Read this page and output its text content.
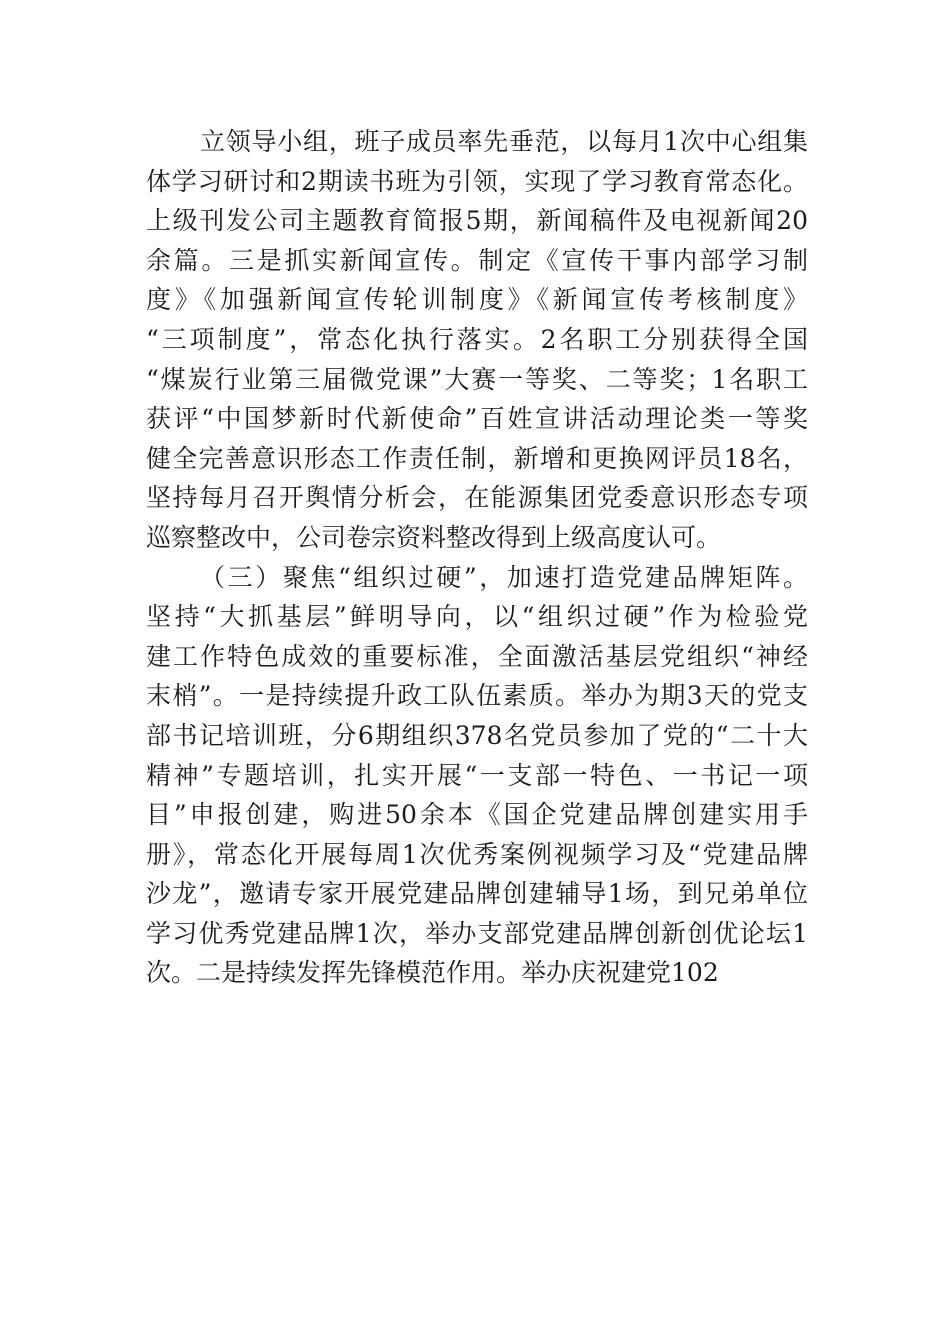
立领导小组，班子成员率先垂范，以每月1次中心组集
体学习研讨和2期读书班为引领，实现了学习教育常态化。
上级刊发公司主题教育简报5期，新闻稿件及电视新闻20
余篇。三是抓实新闻宣传。制定《宣传干事内部学习制
度》《加强新闻宣传轮训制度》《新闻宣传考核制度》
“三项制度”，常态化执行落实。2名职工分别获得全国
“煤炭行业第三届微党课”大赛一等奖、二等奖；1名职工
获评“中国梦新时代新使命”百姓宣讲活动理论类一等奖
健全完善意识形态工作责任制，新增和更换网评员18名，
坚持每月召开舆情分析会，在能源集团党委意识形态专项
巡察整改中，公司卷宗资料整改得到上级高度认可。
（三）聚焦“组织过硬”，加速打造党建品牌矩阵。
坚持“大抓基层”鲜明导向，以“组织过硬”作为检验党
建工作特色成效的重要标准，全面激活基层党组织“神经
末梢”。一是持续提升政工队伍素质。举办为期3天的党支
部书记培训班，分6期组织378名党员参加了党的“二十大
精神”专题培训，扎实开展“一支部一特色、一书记一项
目”申报创建，购进50余本《国企党建品牌创建实用手
册》，常态化开展每周1次优秀案例视频学习及“党建品牌
沙龙”，邀请专家开展党建品牌创建辅导1场，到兄弟单位
学习优秀党建品牌1次，举办支部党建品牌创新创优论坛1
次。二是持续发挥先锋模范作用。举办庆祝建党102
